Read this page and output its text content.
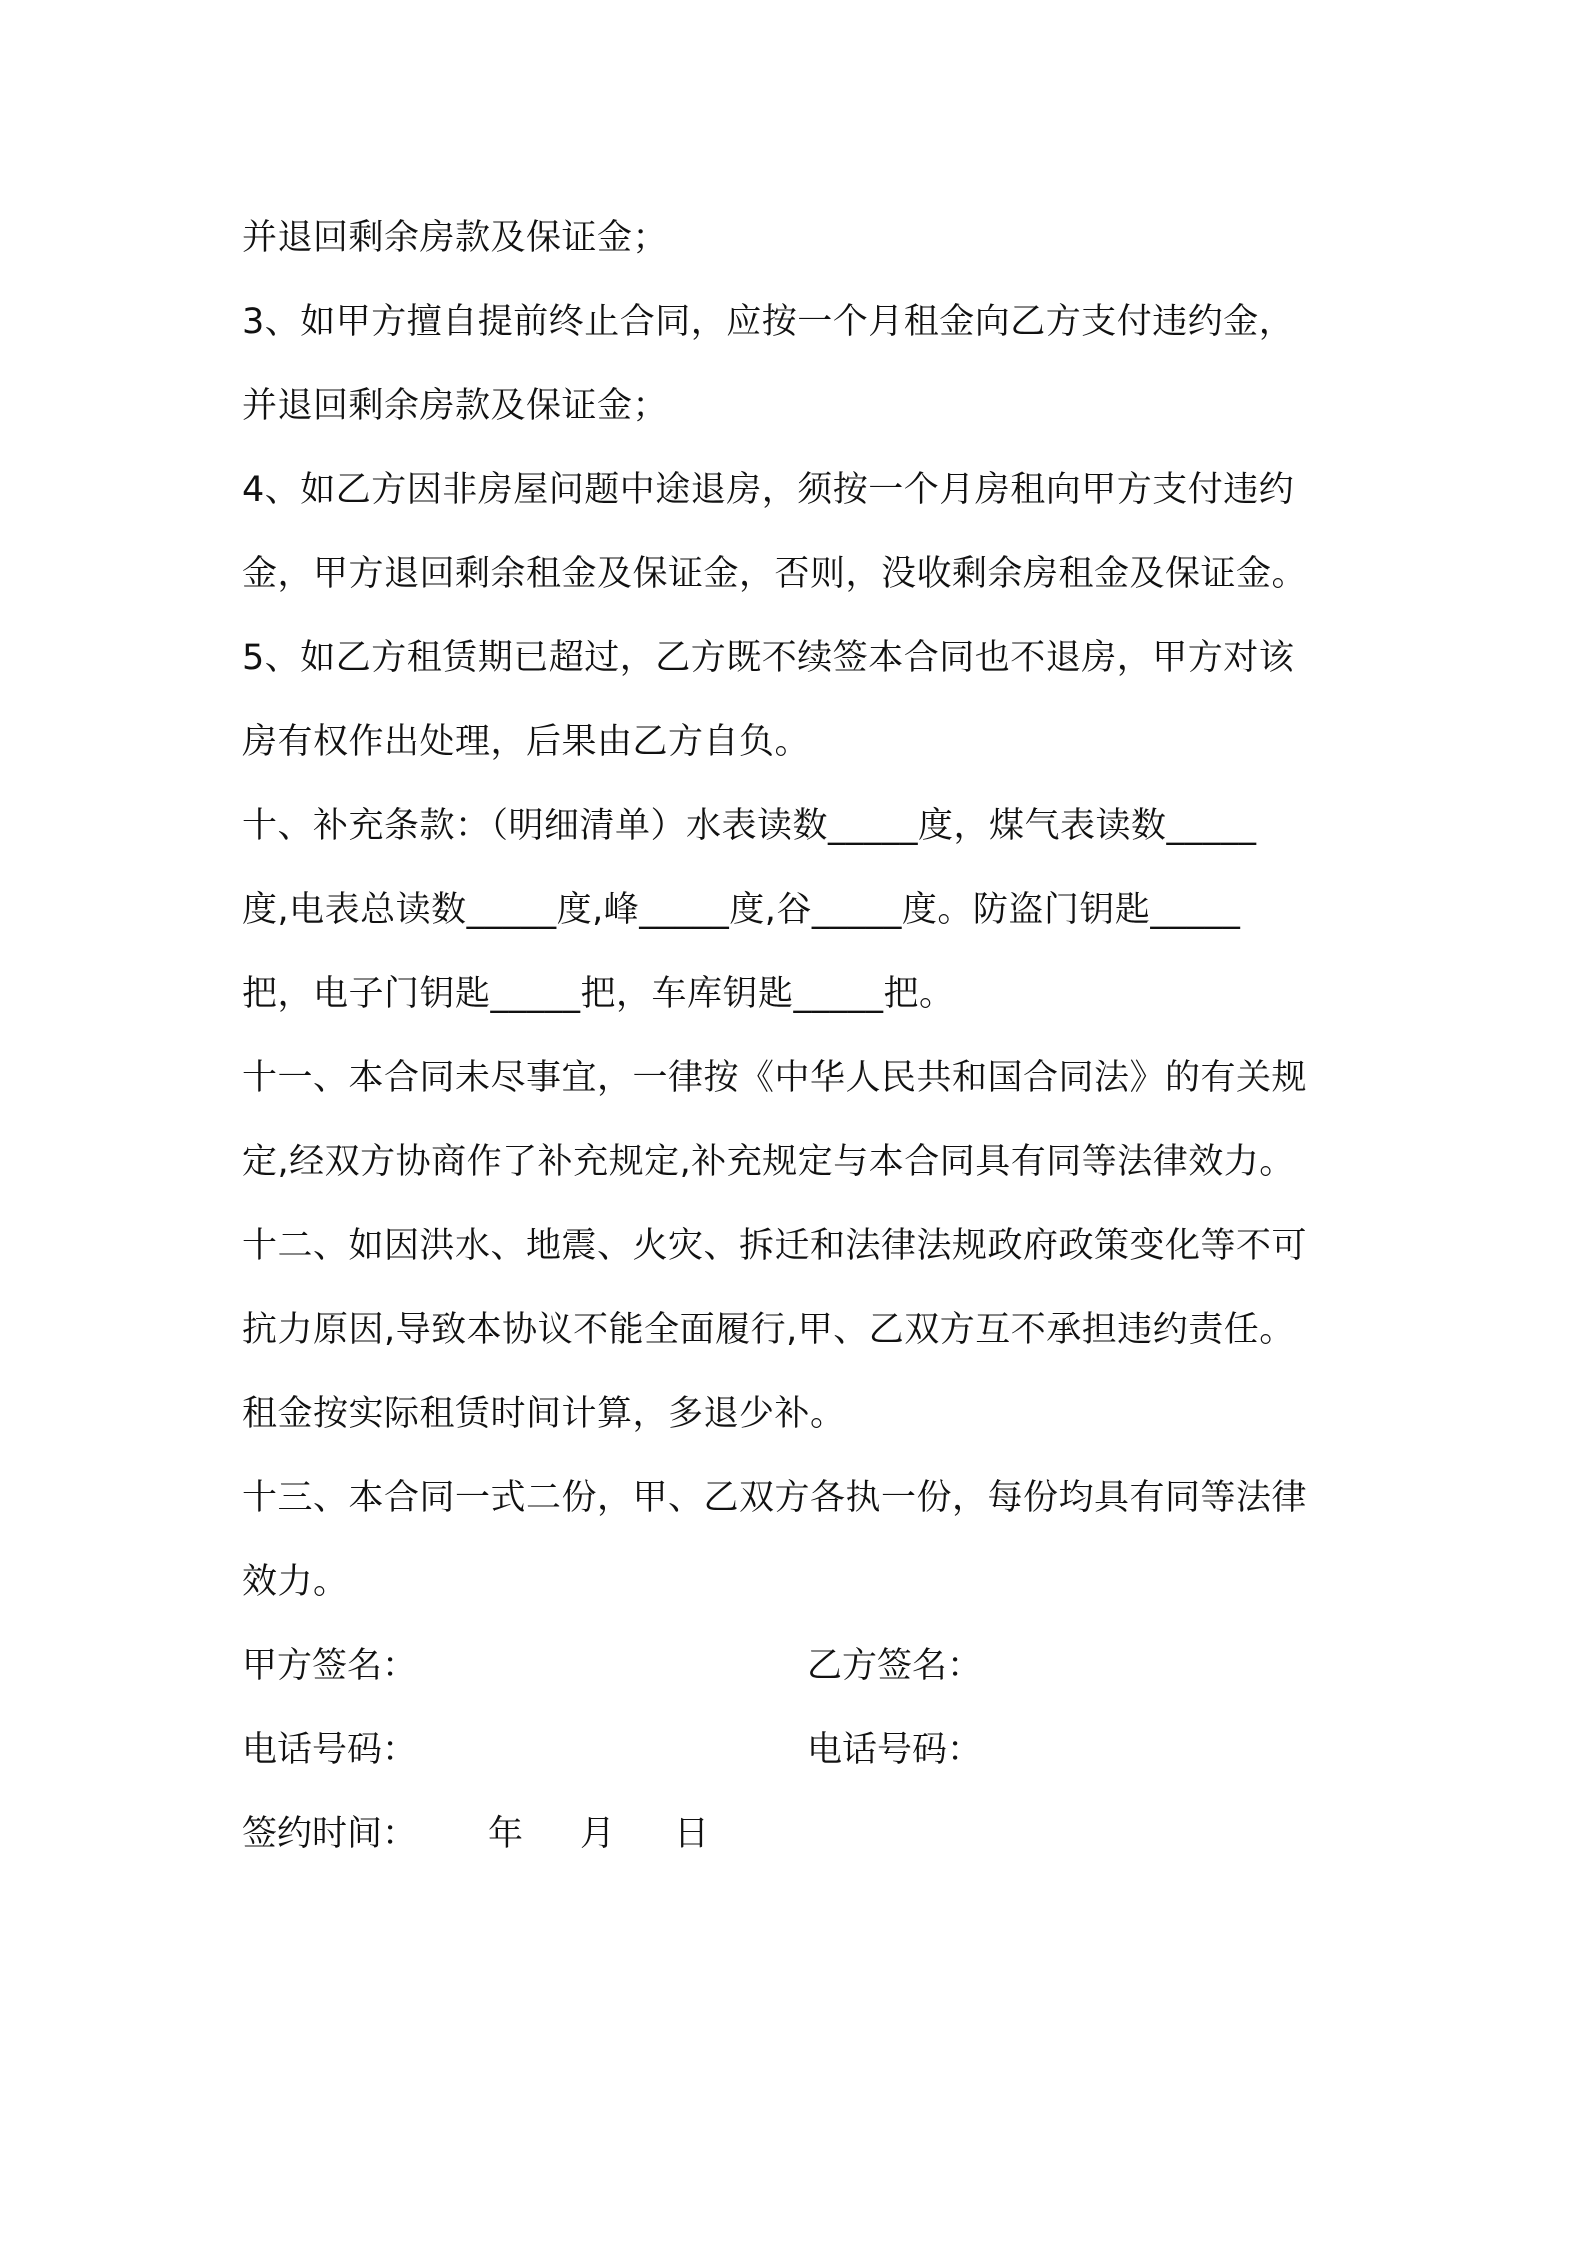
并退回剩余房款及保证金；
3、如甲方擅自提前终止合同，应按一个月租金向乙方支付违约金，
并退回剩余房款及保证金；
4、如乙方因非房屋问题中途退房，须按一个月房租向甲方支付违约
金，甲方退回剩余租金及保证金，否则，没收剩余房租金及保证金。
5、如乙方租赁期已超过，乙方既不续签本合同也不退房，甲方对该
房有权作出处理，后果由乙方自负。
十、补充条款：（明细清单）水表读数_____度，煤气表读数_____
度,电表总读数_____度,峰_____度,谷_____度。防盗门钥匙_____
把，电子门钥匙_____把，车库钥匙_____把。
十一、本合同未尽事宜，一律按《中华人民共和国合同法》的有关规
定,经双方协商作了补充规定,补充规定与本合同具有同等法律效力。
十二、如因洪水、地震、火灾、拆迁和法律法规政府政策变化等不可
抗力原因,导致本协议不能全面履行,甲、乙双方互不承担违约责任。
租金按实际租赁时间计算，多退少补。
十三、本合同一式二份，甲、乙双方各执一份，每份均具有同等法律
效力。
甲方签名：	乙方签名：
电话号码：	电话号码：
签约时间： 年 月 日
